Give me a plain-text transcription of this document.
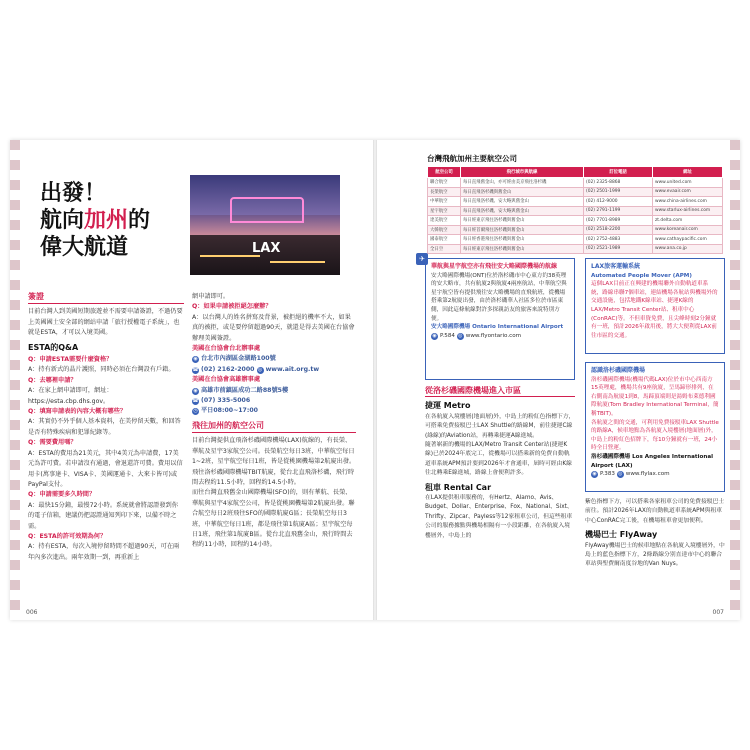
出發！
航向加州的
偉大航道	LAX
簽證

目前台灣人到美國短期旅遊並不需要申請簽證，不過仍要上美國國土安全部的網站申請「旅行授權電子系統」，也就是ESTA，才可以入境美國。

ESTA的Q&A

Q：申請ESTA需要什麼資格？

A：持有新式的晶片護照，同時必須在台灣設有戶籍。

Q：去哪裡申請？

A：在家上網申請即可，網址：https://esta.cbp.dhs.gov。

Q：填寫申請表的內容大概有哪些？

A：其實仍不外乎個人基本資料，在美停留天數，和回答是否有特殊疾病和犯罪紀錄等。

Q：需要費用嗎？

A：ESTA的費用為21美元，其中4美元為申請費，17美元為許可費。若申請沒有通過，會退還許可費。費用以信用卡(萬事達卡、VISA卡、美國運通卡、大來卡皆可)或PayPal支付。

Q：申請需要多久時間？

A：最快15分鐘，最慢72小時。系統就會將認證發到你的電子信箱，建議仍把認證通知列印下來，以備不時之需。

Q：ESTA的許可效期為何？

A：持有ESTA，每次入境停留時間不超過90天，可在兩年內多次進出。兩年效期一到，再重新上

網申請即可。

Q：如果申請被拒絕怎麼辦？

A：以台灣人的姓名拼寫及背景，被拒絕的機率不大，如果真的被拒，或是要停留超過90天，就還是得去美國在台協會辦理美國簽證。

美國在台協會台北辦事處

◉ 台北市內湖區金湖路100號

☎ (02) 2162-2000 ◎ www.ait.org.tw

美國在台協會高雄辦事處

◉ 高雄市前鎮區成功二路88號5樓

☎ (07) 335-5006

◷ 平日08:00~17:00

飛往加州的航空公司

目前台灣提供直飛洛杉磯國際機場(LAX)航線的，有長榮、華航及星宇3家航空公司。長榮航空每日3班，中華航空每日1~2班，星宇航空每日1班，皆是從桃園機場第2航廈出發。飛往洛杉磯國際機場TBIT航廈，從台北直飛洛杉磯，飛行時間去程約11.5小時，回程約14.5小時。

而往台灣直飛舊金山國際機場(SFO)的，則有華航、長榮、華航與星宇4家航空公司，皆是從桃園機場第2航廈出發。聯合航空每日2班飛往SFO的國際航廈G區；長榮航空每日3班，中華航空每日1班，都是飛往第1航廈A區；星宇航空每日1班，飛往第1航廈B區。從台北直飛舊金山，飛行時間去程約11小時，回程約14小時。

006
台灣飛航加州主要航空公司
航空公司	飛行城市與航線	訂位電話	網址
聯合航空	每日直飛舊金山，亦可經由美京飛往洛杉磯	(02) 2325-8868	www.united.com
長榮航空	每日直飛洛杉磯與舊金山	(02) 2501-1999	www.evaair.com
中華航空	每日直飛洛杉磯、安大略與舊金山	(02) 412-9000	www.china-airlines.com
星宇航空	每日直飛洛杉磯、安大略與舊金山	(02) 2791-1199	www.starlux-airlines.com
達美航空	每日經東京飛往洛杉磯與舊金山	(02) 7701-8989	zt.delta.com
大韓航空	每日經首爾飛往洛杉磯與舊金山	(02) 2518-2200	www.koreanair.com
國泰航空	每日經香港飛往洛杉磯與舊金山	(02) 2752-4883	www.cathaypacific.com
全日空	每日經東京飛往洛杉磯與舊金山	(02) 2521-1989	www.ana.co.jp
✈
華航與星宇航空亦有飛往安大略國際機場的航線
安大略國際機場(ONT)位於洛杉磯市中心東方約38英哩的安大略市，共有航廈2與航廈4兩座航站，中華航空與星宇航空皆有提供飛往安大略機場的直飛航班，從機場搭乘第2航廈出發，由於洛杉磯華人社區多位於市區東側，因此這條航線對許多探親訪友的旅客來說特別方便。
安大略國際機場 Ontario International Airport
◉ P.584 ◎ www.flyontario.com
LAX旅客運輸系統
Automated People Mover (APM)
這個LAX目前正在興建的機場聯外自動軌道車系統，路線串聯7個車站，連結機場各航站與機場外的交通設施，包括地鐵K線車站、捷運K線的LAX/Metro Transit Center站、租車中心(ConRAC)等。不但車資免費，且尖峰時刻2分鐘就有一班，預計2026年啟用後，將大大便利從LAX前往市區的交通。
認識洛杉磯國際機場
洛杉磯國際機場(機場代碼LAX)位於市中心西南方15英哩處，機場共有9座航廈，呈馬蹄形排列，在右側南為航廈1到8，馬蹄頂端則是湯姆布萊德利國際航廈(Tom Bradley International Terminal，簡稱TBIT)。
各航廈之間的交通，可利用免費接駁車LAX Shuttle的路線A，候車地點為各航廈入境樓層(地面層)外，中島上的粉紅色招牌下，每10分鐘就有一班，24小時全日營運。
洛杉磯國際機場 Los Angeles International Airport (LAX)
◉ P.383 ◎ www.flylax.com
從洛杉磯國際機場進入市區
捷運 Metro

在各航廈入境樓層(地面層)外，中島上的粉紅色指標下方，可搭乘免費接駁巴士LAX Shuttle的路線M，前往捷運C線(綠線)的Aviation站，再轉乘捷運A線進城。

隨著嶄新的機場的LAX/Metro Transit Center站(捷運K線)已於2024年底完工，從機場可以搭乘新的免費自動軌道車系統APM預計要到2026年才會通車，屆時可經由K線往北轉乘E線進城，路線上會便利許多。

租車 Rental Car

在LAX提供租車服務的，有Hertz、Alamo、Avis、Budget、Dollar、Enterprise、Fox、National、Sixt、Thrifty、Zipcar、Payless等12家租車公司，但這些租車公司的服務據點與機場相隔有一小段距離，在各航廈入境樓層外，中島上的

紫色指標下方，可以搭乘各家租車公司的免費接駁巴士前往。預計2026年LAX的自動軌道車系統APM與租車中心ConRAC完工後，在機場租車會更加便利。

機場巴士 FlyAway

FlyAway機場巴士的候車地點在各航廈入境樓層外，中島上的藍色指標下方，2條路線分別直達市中心的聯合車站與聖費爾南度谷地的Van Nuys。

007
